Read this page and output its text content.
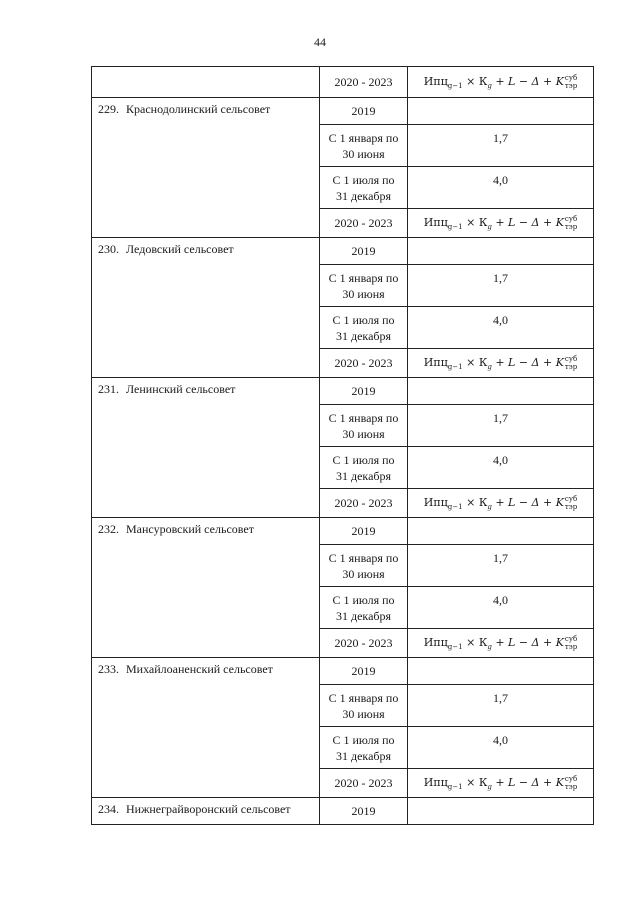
44
	2020 - 2023	$Ипц_{g-1} \times К_g + L - \Delta$ + Kсуб
тэр

229. Краснодолинский сельсовет	2019	
	С 1 января по
30 июня	1,7
	С 1 июля по
31 декабря	4,0
	2020 - 2023	$Ипц_{g-1} \times К_g + L - \Delta$ + Kсуб
тэр

230. Ледовский сельсовет	2019	
	С 1 января по
30 июня	1,7
	С 1 июля по
31 декабря	4,0
	2020 - 2023	$Ипц_{g-1} \times К_g + L - \Delta$ + Kсуб
тэр

231. Ленинский сельсовет	2019	
	С 1 января по
30 июня	1,7
	С 1 июля по
31 декабря	4,0
	2020 - 2023	$Ипц_{g-1} \times К_g + L - \Delta$ + Kсуб
тэр

232. Мансуровский сельсовет	2019	
	С 1 января по
30 июня	1,7
	С 1 июля по
31 декабря	4,0
	2020 - 2023	$Ипц_{g-1} \times К_g + L - \Delta$ + Kсуб
тэр

233. Михайлоаненский сельсовет	2019	
	С 1 января по
30 июня	1,7
	С 1 июля по
31 декабря	4,0
	2020 - 2023	$Ипц_{g-1} \times К_g + L - \Delta$ + Kсуб
тэр

234. Нижнеграйворонский сельсовет	2019	
